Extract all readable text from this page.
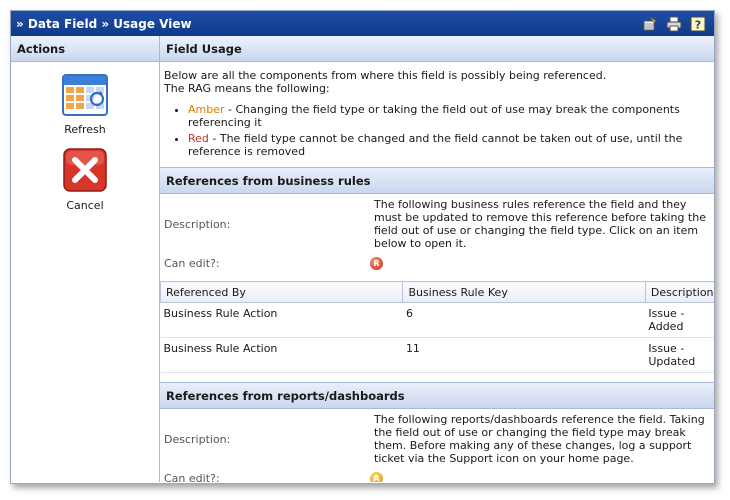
» Data Field » Usage View	?
Actions	Field Usage
Refresh
Cancel
Below are all the components from where this field is possibly being referenced.
The RAG means the following:
• Amber - Changing the field type or taking the field out of use may break the components referencing it
• Red - The field type cannot be changed and the field cannot be taken out of use, until the reference is removed
References from business rules
Description:
The following business rules reference the field and they must be updated to remove this reference before taking the field out of use or changing the field type. Click on an item below to open it.
Can edit?:	R
Referenced By	Business Rule Key	Description
Business Rule Action	6	Issue - Added
Business Rule Action	11	Issue - Updated
References from reports/dashboards
Description:
The following reports/dashboards reference the field. Taking the field out of use or changing the field type may break them. Before making any of these changes, log a support ticket via the Support icon on your home page.
Can edit?:	A
